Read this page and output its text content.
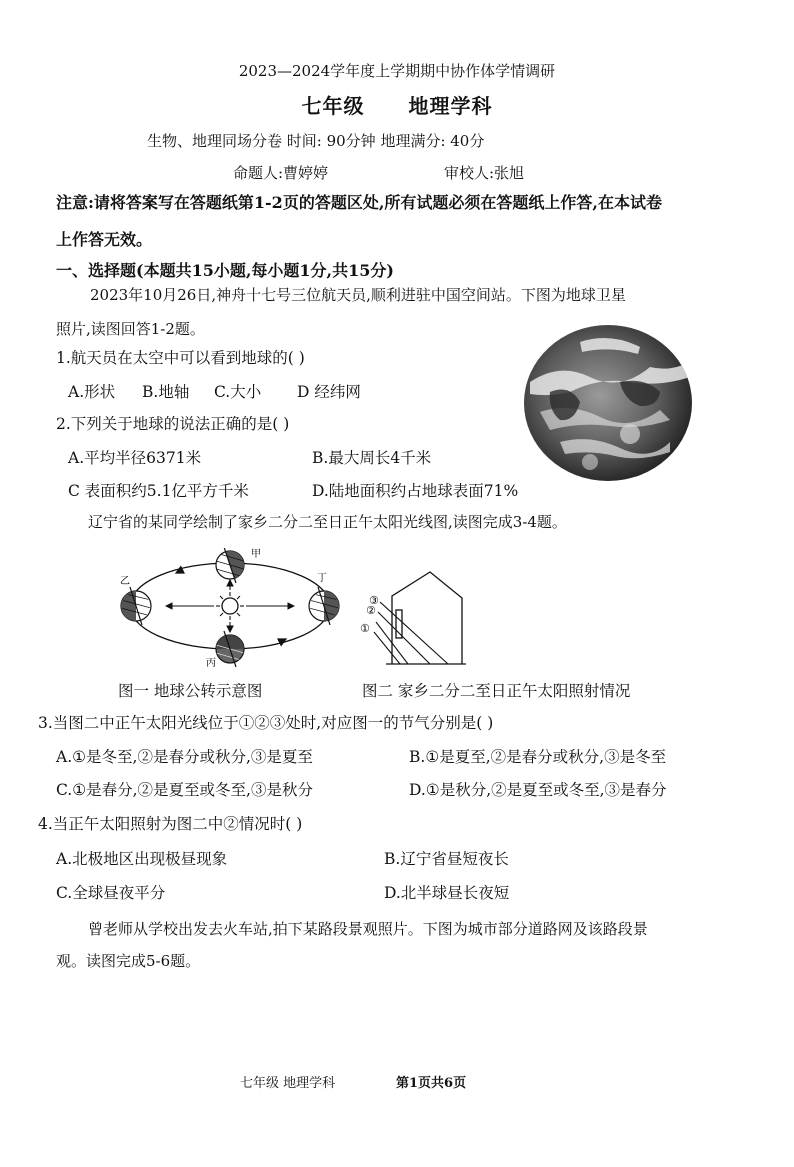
2023—2024学年度上学期期中协作体学情调研
七年级 地理学科
生物、地理同场分卷 时间: 90分钟 地理满分: 40分
命题人:曹婷婷	审校人:张旭
注意:请将答案写在答题纸第1-2页的答题区处,所有试题必须在答题纸上作答,在本试卷
上作答无效。
一、选择题(本题共15小题,每小题1分,共15分)
2023年10月26日,神舟十七号三位航天员,顺利进驻中国空间站。下图为地球卫星
照片,读图回答1-2题。
1.航天员在太空中可以看到地球的( )
A.形状 B.地轴 C.大小 D 经纬网
2.下列关于地球的说法正确的是( )
A.平均半径6371米	B.最大周长4千米
C 表面积约5.1亿平方千米	D.陆地面积约占地球表面71%
辽宁省的某同学绘制了家乡二分二至日正午太阳光线图,读图完成3-4题。
甲
乙
丙
丁
③
②
①
图一 地球公转示意图	图二 家乡二分二至日正午太阳照射情况
3.当图二中正午太阳光线位于①②③处时,对应图一的节气分别是( )
A.①是冬至,②是春分或秋分,③是夏至	B.①是夏至,②是春分或秋分,③是冬至
C.①是春分,②是夏至或冬至,③是秋分	D.①是秋分,②是夏至或冬至,③是春分
4.当正午太阳照射为图二中②情况时( )
A.北极地区出现极昼现象	B.辽宁省昼短夜长
C.全球昼夜平分	D.北半球昼长夜短
曾老师从学校出发去火车站,拍下某路段景观照片。下图为城市部分道路网及该路段景
观。读图完成5-6题。
七年级 地理学科	第1页共6页
